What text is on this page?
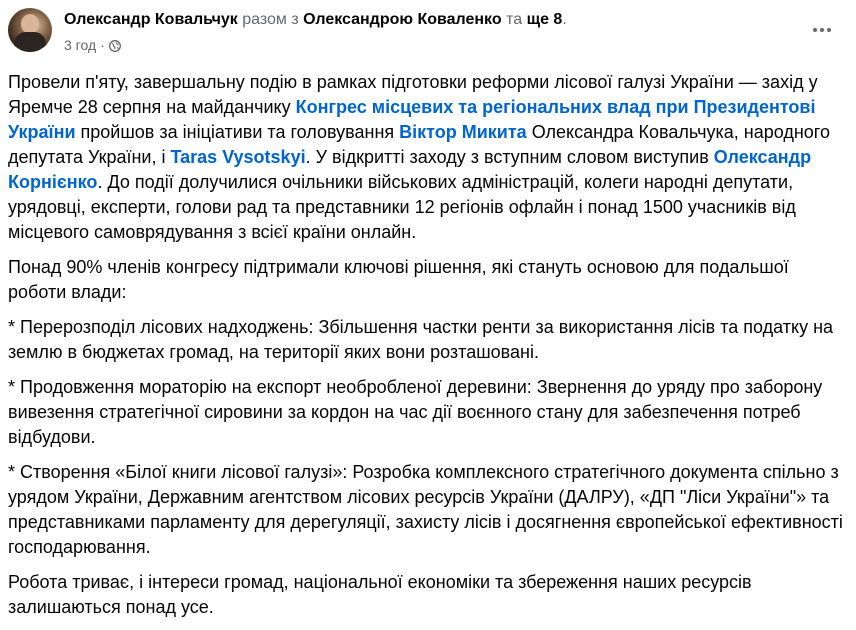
Олександр Ковальчук разом з Олександрою Коваленко та ще 8.
3 год ·

Провели п'яту, завершальну подію в рамках підготовки реформи лісової галузі України — захід у Яремче 28 серпня на майданчику Конгрес місцевих та регіональних влад при Президентові України пройшов за ініціативи та головування Віктор Микита Олександра Ковальчука, народного депутата України, і Taras Vysotskyi. У відкритті заходу з вступним словом виступив Олександр Корнієнко. До події долучилися очільники військових адміністрацій, колеги народні депутати, урядовці, експерти, голови рад та представники 12 регіонів офлайн і понад 1500 учасників від місцевого самоврядування з всієї країни онлайн.

Понад 90% членів конгресу підтримали ключові рішення, які стануть основою для подальшої роботи влади:

* Перерозподіл лісових надходжень: Збільшення частки ренти за використання лісів та податку на землю в бюджетах громад, на території яких вони розташовані.

* Продовження мораторію на експорт необробленої деревини: Звернення до уряду про заборону вивезення стратегічної сировини за кордон на час дії воєнного стану для забезпечення потреб відбудови.

* Створення «Білої книги лісової галузі»: Розробка комплексного стратегічного документа спільно з урядом України, Державним агентством лісових ресурсів України (ДАЛРУ), «ДП "Ліси України"» та представниками парламенту для дерегуляції, захисту лісів і досягнення європейської ефективності господарювання.

Робота триває, і інтереси громад, національної економіки та збереження наших ресурсів залишаються понад усе.
